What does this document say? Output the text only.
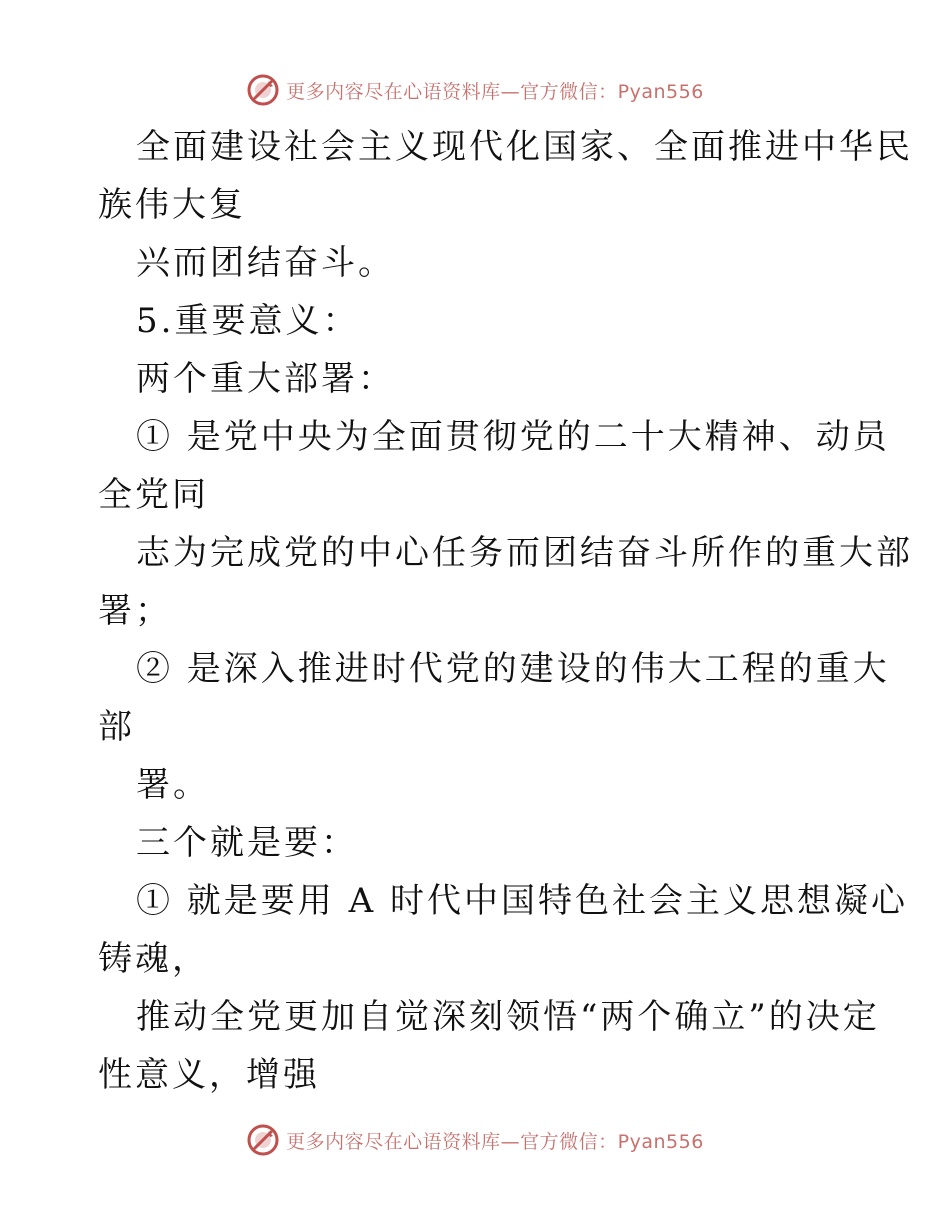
更多内容尽在心语资料库—官方微信：Pyan556
全面建设社会主义现代化国家、全面推进中华民
族伟大复
兴而团结奋斗。
5.重要意义：
两个重大部署：
① 是党中央为全面贯彻党的二十大精神、动员
全党同
志为完成党的中心任务而团结奋斗所作的重大部
署；
② 是深入推进时代党的建设的伟大工程的重大
部
署。
三个就是要：
① 就是要用 A 时代中国特色社会主义思想凝心
铸魂，
推动全党更加自觉深刻领悟“两个确立”的决定
性意义，增强
更多内容尽在心语资料库—官方微信：Pyan556
